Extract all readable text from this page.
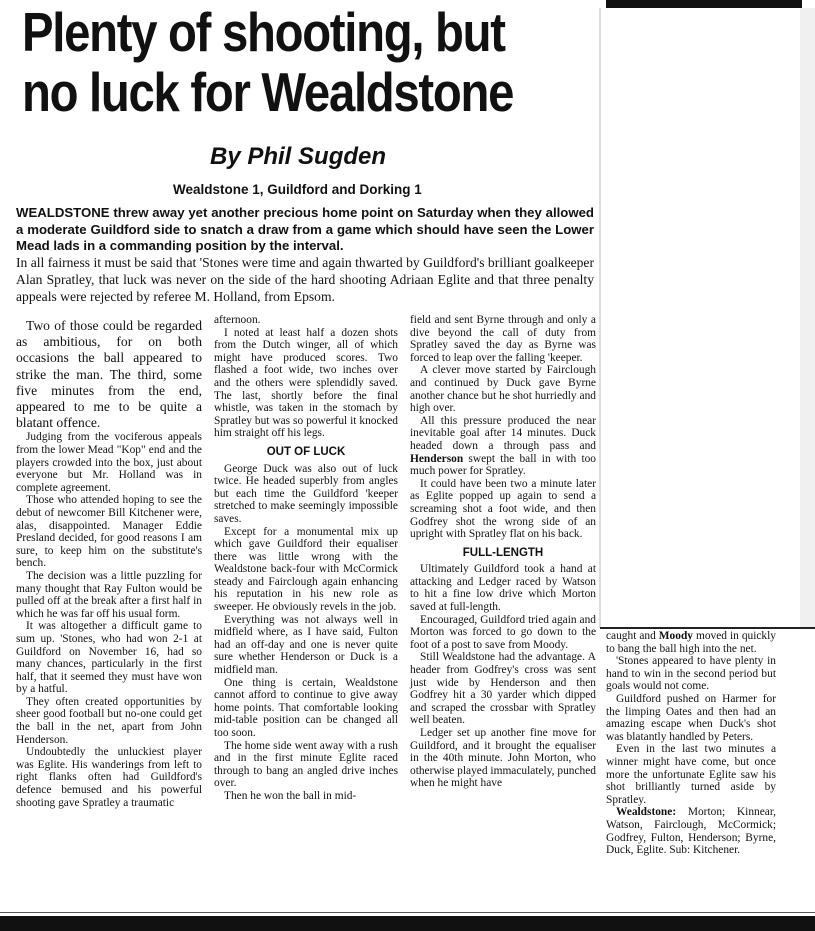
Plenty of shooting, but
no luck for Wealdstone
By Phil Sugden
Wealdstone 1, Guildford and Dorking 1

WEALDSTONE threw away yet another precious home point on Saturday when they allowed a moderate Guildford side to snatch a draw from a game which should have seen the Lower Mead lads in a commanding position by the interval.

In all fairness it must be said that 'Stones were time and again thwarted by Guildford's brilliant goalkeeper Alan Spratley, that luck was never on the side of the hard shooting Adriaan Eglite and that three penalty appeals were rejected by referee M. Holland, from Epsom.

Two of those could be regarded as ambitious, for on both occasions the ball appeared to strike the man. The third, some five minutes from the end, appeared to me to be quite a blatant offence.

Judging from the vociferous appeals from the lower Mead "Kop" end and the players crowded into the box, just about everyone but Mr. Holland was in complete agreement.

Those who attended hoping to see the debut of newcomer Bill Kitchener were, alas, disappointed. Manager Eddie Presland decided, for good reasons I am sure, to keep him on the substitute's bench.

The decision was a little puzzling for many thought that Ray Fulton would be pulled off at the break after a first half in which he was far off his usual form.

It was altogether a difficult game to sum up. 'Stones, who had won 2-1 at Guildford on November 16, had so many chances, particularly in the first half, that it seemed they must have won by a hatful.

They often created opportunities by sheer good football but no-one could get the ball in the net, apart from John Henderson.

Undoubtedly the unluckiest player was Eglite. His wanderings from left to right flanks often had Guildford's defence bemused and his powerful shooting gave Spratley a traumatic

afternoon.

I noted at least half a dozen shots from the Dutch winger, all of which might have produced scores. Two flashed a foot wide, two inches over and the others were splendidly saved. The last, shortly before the final whistle, was taken in the stomach by Spratley but was so powerful it knocked him straight off his legs.

OUT OF LUCK

George Duck was also out of luck twice. He headed superbly from angles but each time the Guildford 'keeper stretched to make seemingly impossible saves.

Except for a monumental mix up which gave Guildford their equaliser there was little wrong with the Wealdstone back-four with McCormick steady and Fairclough again enhancing his reputation in his new role as sweeper. He obviously revels in the job.

Everything was not always well in midfield where, as I have said, Fulton had an off-day and one is never quite sure whether Henderson or Duck is a midfield man.

One thing is certain, Wealdstone cannot afford to continue to give away home points. That comfortable looking mid-table position can be changed all too soon.

The home side went away with a rush and in the first minute Eglite raced through to bang an angled drive inches over.

Then he won the ball in mid-

field and sent Byrne through and only a dive beyond the call of duty from Spratley saved the day as Byrne was forced to leap over the falling 'keeper.

A clever move started by Fairclough and continued by Duck gave Byrne another chance but he shot hurriedly and high over.

All this pressure produced the near inevitable goal after 14 minutes. Duck headed down a through pass and Henderson swept the ball in with too much power for Spratley.

It could have been two a minute later as Eglite popped up again to send a screaming shot a foot wide, and then Godfrey shot the wrong side of an upright with Spratley flat on his back.

FULL-LENGTH

Ultimately Guildford took a hand at attacking and Ledger raced by Watson to hit a fine low drive which Morton saved at full-length.

Encouraged, Guildford tried again and Morton was forced to go down to the foot of a post to save from Moody.

Still Wealdstone had the advantage. A header from Godfrey's cross was sent just wide by Henderson and then Godfrey hit a 30 yarder which dipped and scraped the crossbar with Spratley well beaten.

Ledger set up another fine move for Guildford, and it brought the equaliser in the 40th minute. John Morton, who otherwise played immaculately, punched when he might have

caught and Moody moved in quickly to bang the ball high into the net.

'Stones appeared to have plenty in hand to win in the second period but goals would not come.

Guildford pushed on Harmer for the limping Oates and then had an amazing escape when Duck's shot was blatantly handled by Peters.

Even in the last two minutes a winner might have come, but once more the unfortunate Eglite saw his shot brilliantly turned aside by Spratley.

Wealdstone: Morton; Kinnear, Watson, Fairclough, McCormick; Godfrey, Fulton, Henderson; Byrne, Duck, Eglite. Sub: Kitchener.
